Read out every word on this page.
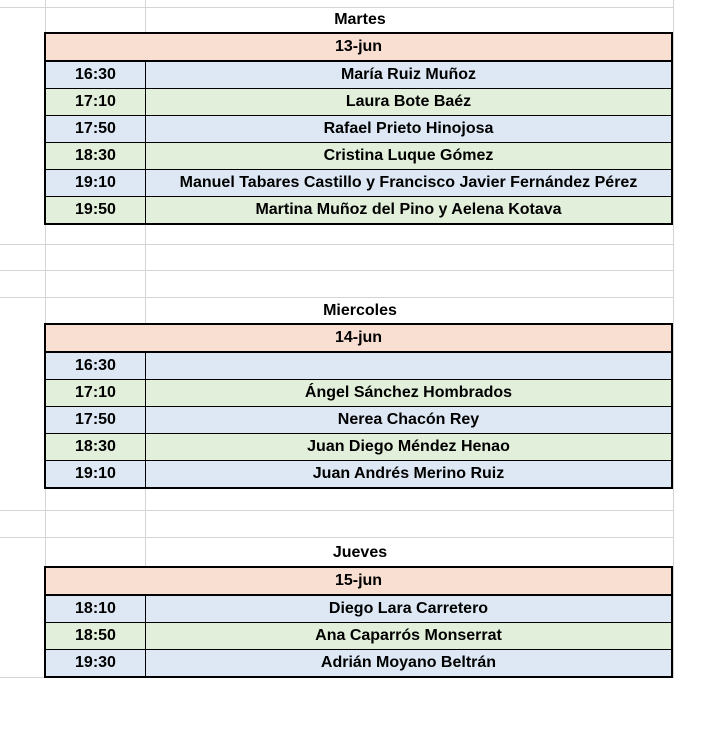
Martes
13-jun
16:30	María Ruiz Muñoz
17:10	Laura Bote Baéz
17:50	Rafael Prieto Hinojosa
18:30	Cristina Luque Gómez
19:10	Manuel Tabares Castillo y Francisco Javier Fernández Pérez
19:50	Martina Muñoz del Pino y Aelena Kotava
Miercoles
14-jun
16:30
17:10	Ángel Sánchez Hombrados
17:50	Nerea Chacón Rey
18:30	Juan Diego Méndez Henao
19:10	Juan Andrés Merino Ruiz
Jueves
15-jun
18:10	Diego Lara Carretero
18:50	Ana Caparrós Monserrat
19:30	Adrián Moyano Beltrán
